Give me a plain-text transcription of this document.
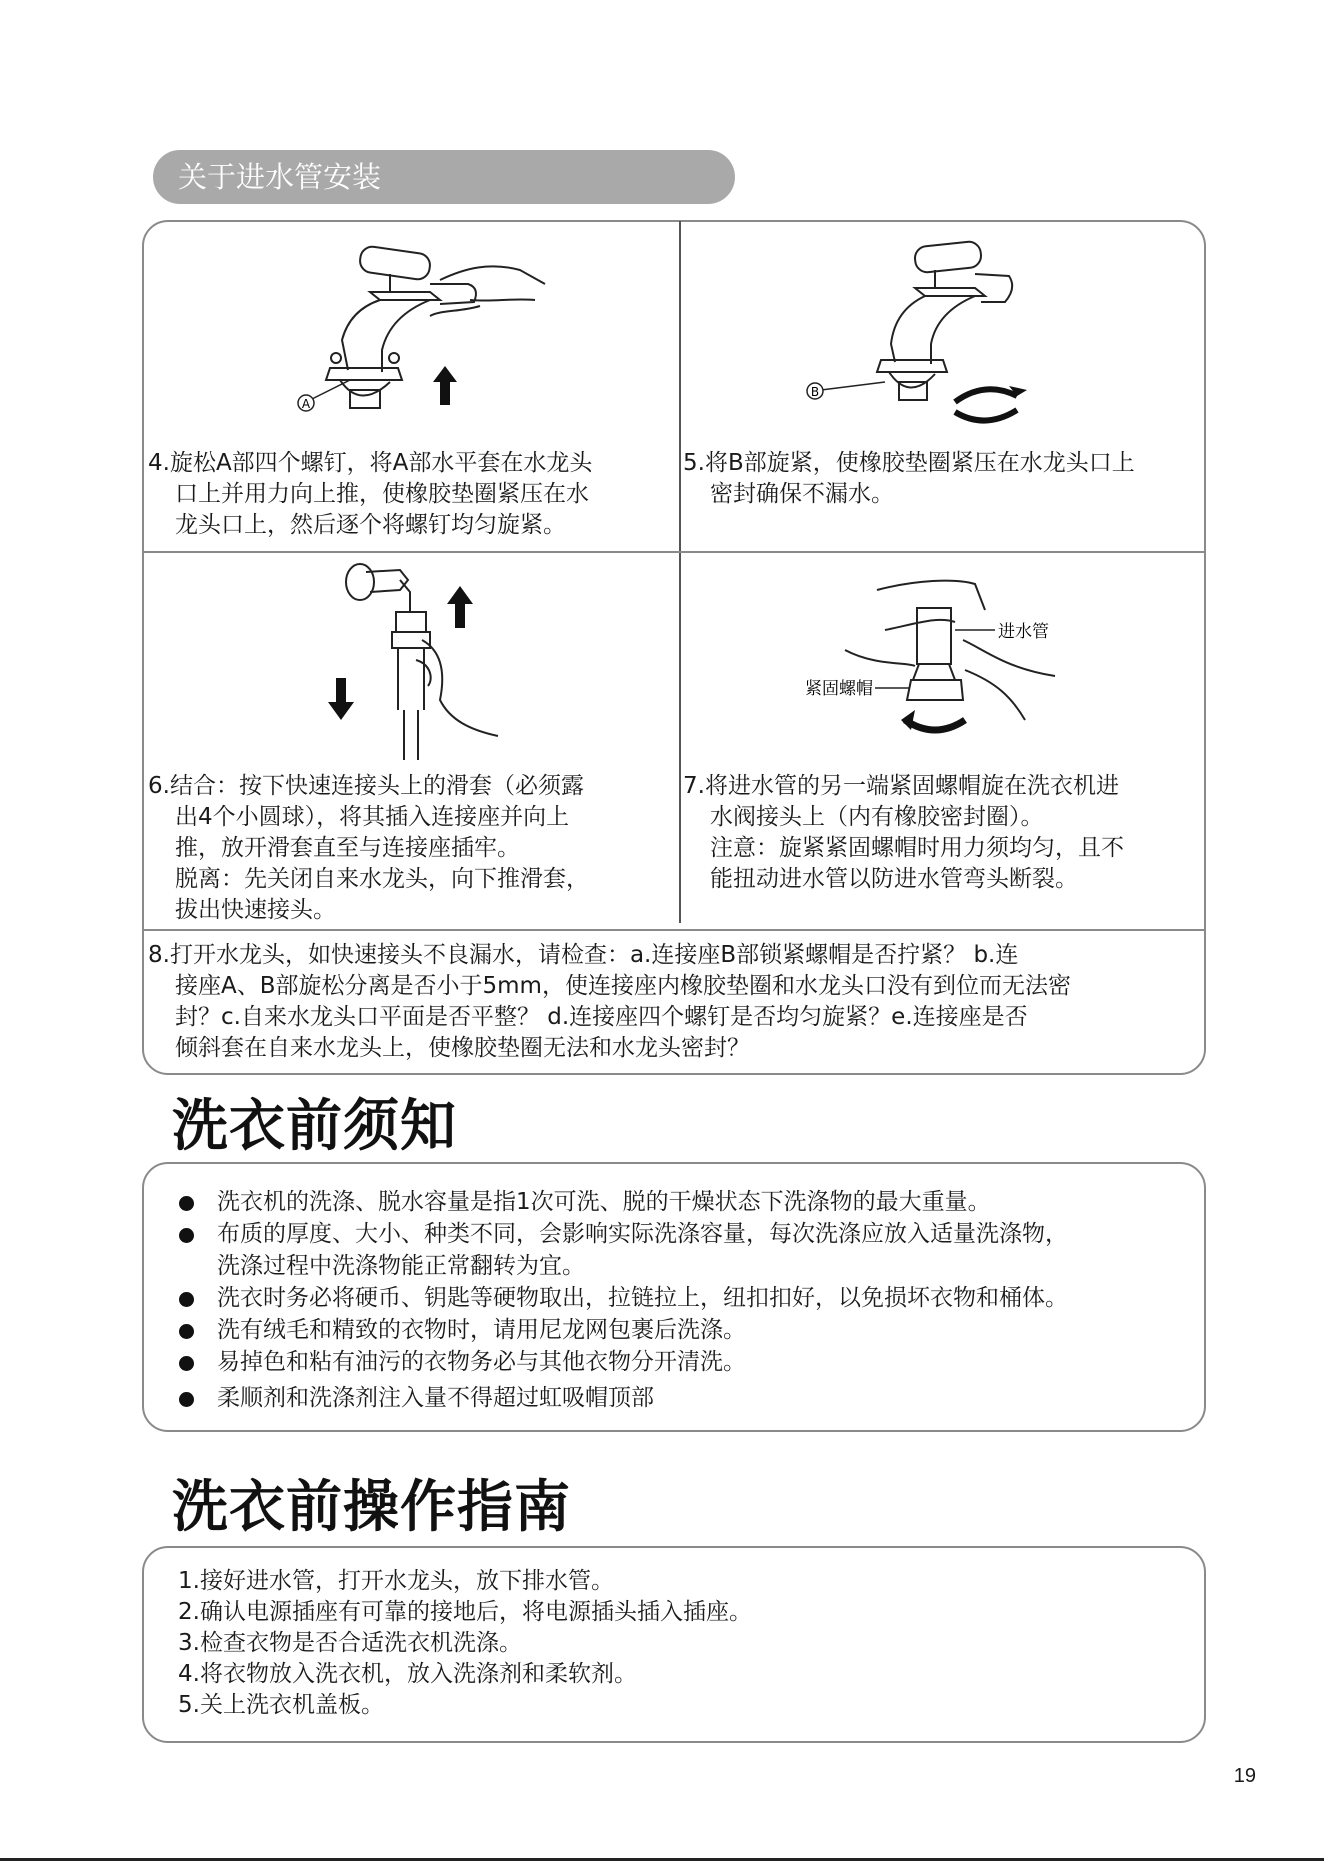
关于进水管安装
A
4.旋松A部四个螺钉，将A部水平套在水龙头
口上并用力向上推，使橡胶垫圈紧压在水
龙头口上，然后逐个将螺钉均匀旋紧。
B
5.将B部旋紧，使橡胶垫圈紧压在水龙头口上
密封确保不漏水。
6.结合：按下快速连接头上的滑套（必须露
出4个小圆球），将其插入连接座并向上
推，放开滑套直至与连接座插牢。
脱离：先关闭自来水龙头，向下推滑套，
拔出快速接头。
进水管
紧固螺帽
7.将进水管的另一端紧固螺帽旋在洗衣机进
水阀接头上（内有橡胶密封圈）。
注意：旋紧紧固螺帽时用力须均匀，且不
能扭动进水管以防进水管弯头断裂。
8.打开水龙头，如快速接头不良漏水，请检查：a.连接座B部锁紧螺帽是否拧紧？ b.连
接座A、B部旋松分离是否小于5mm，使连接座内橡胶垫圈和水龙头口没有到位而无法密
封？c.自来水龙头口平面是否平整？ d.连接座四个螺钉是否均匀旋紧？e.连接座是否
倾斜套在自来水龙头上，使橡胶垫圈无法和水龙头密封？
洗衣前须知
洗衣机的洗涤、脱水容量是指1次可洗、脱的干燥状态下洗涤物的最大重量。
布质的厚度、大小、种类不同，会影响实际洗涤容量，每次洗涤应放入适量洗涤物，
洗涤过程中洗涤物能正常翻转为宜。
洗衣时务必将硬币、钥匙等硬物取出，拉链拉上，纽扣扣好，以免损坏衣物和桶体。
洗有绒毛和精致的衣物时，请用尼龙网包裹后洗涤。
易掉色和粘有油污的衣物务必与其他衣物分开清洗。
柔顺剂和洗涤剂注入量不得超过虹吸帽顶部
洗衣前操作指南
1.接好进水管，打开水龙头，放下排水管。
2.确认电源插座有可靠的接地后，将电源插头插入插座。
3.检查衣物是否合适洗衣机洗涤。
4.将衣物放入洗衣机，放入洗涤剂和柔软剂。
5.关上洗衣机盖板。
19
